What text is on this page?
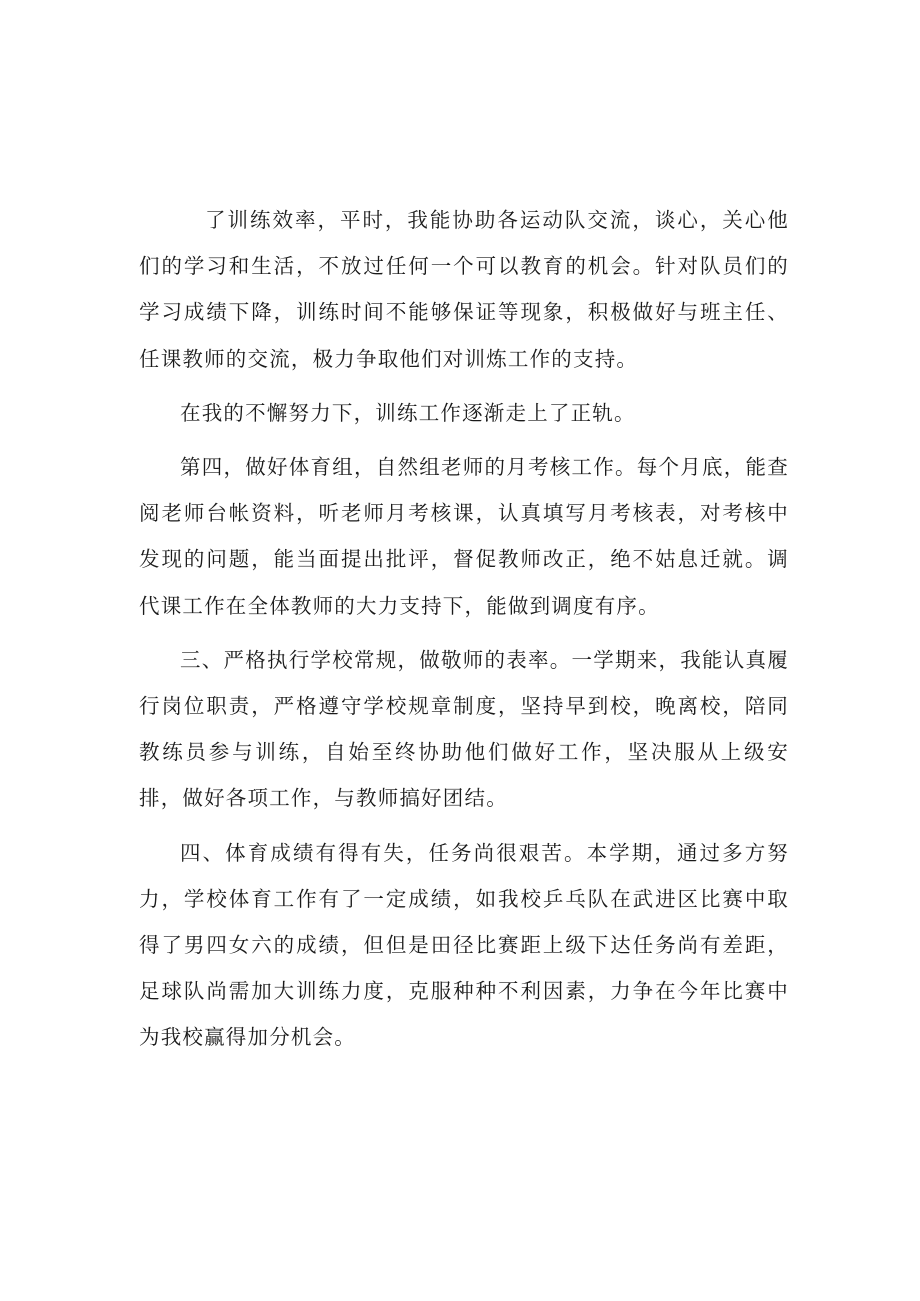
了训练效率，平时，我能协助各运动队交流，谈心，关心他们的学习和生活，不放过任何一个可以教育的机会。针对队员们的学习成绩下降，训练时间不能够保证等现象，积极做好与班主任、任课教师的交流，极力争取他们对训炼工作的支持。

在我的不懈努力下，训练工作逐渐走上了正轨。

第四，做好体育组，自然组老师的月考核工作。每个月底，能查阅老师台帐资料，听老师月考核课，认真填写月考核表，对考核中发现的问题，能当面提出批评，督促教师改正，绝不姑息迁就。调代课工作在全体教师的大力支持下，能做到调度有序。

三、严格执行学校常规，做敬师的表率。一学期来，我能认真履行岗位职责，严格遵守学校规章制度，坚持早到校，晚离校，陪同教练员参与训练，自始至终协助他们做好工作，坚决服从上级安排，做好各项工作，与教师搞好团结。

四、体育成绩有得有失，任务尚很艰苦。本学期，通过多方努力，学校体育工作有了一定成绩，如我校乒乓队在武进区比赛中取得了男四女六的成绩，但但是田径比赛距上级下达任务尚有差距，足球队尚需加大训练力度，克服种种不利因素，力争在今年比赛中为我校赢得加分机会。
